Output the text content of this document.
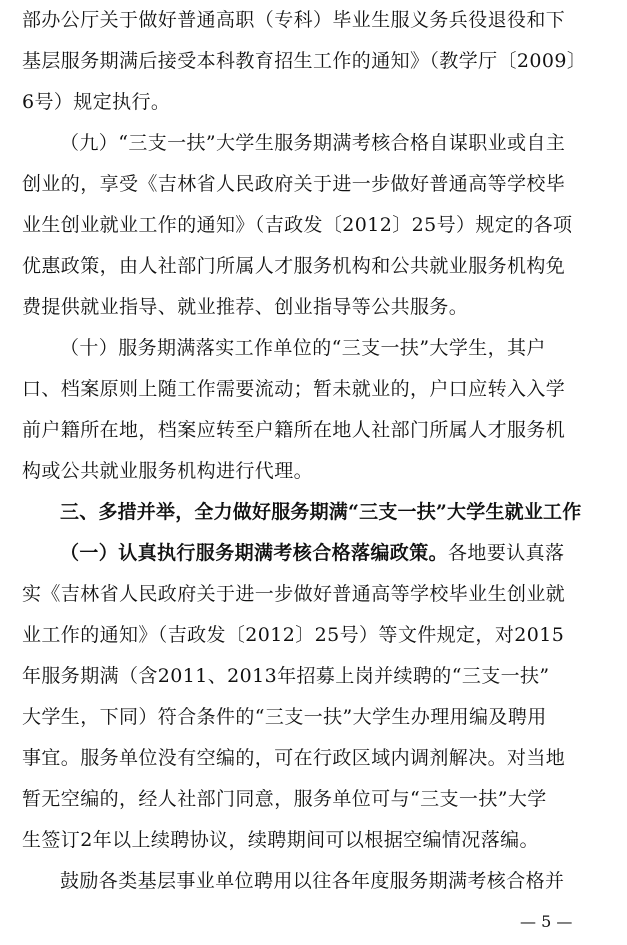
部办公厅关于做好普通高职（专科）毕业生服义务兵役退役和下
基层服务期满后接受本科教育招生工作的通知》（教学厅〔2009〕
6号）规定执行。
（九）“三支一扶”大学生服务期满考核合格自谋职业或自主
创业的，享受《吉林省人民政府关于进一步做好普通高等学校毕
业生创业就业工作的通知》（吉政发〔2012〕25号）规定的各项
优惠政策，由人社部门所属人才服务机构和公共就业服务机构免
费提供就业指导、就业推荐、创业指导等公共服务。
（十）服务期满落实工作单位的“三支一扶”大学生，其户
口、档案原则上随工作需要流动；暂未就业的，户口应转入入学
前户籍所在地，档案应转至户籍所在地人社部门所属人才服务机
构或公共就业服务机构进行代理。
三、多措并举，全力做好服务期满“三支一扶”大学生就业工作
（一）认真执行服务期满考核合格落编政策。各地要认真落
实《吉林省人民政府关于进一步做好普通高等学校毕业生创业就
业工作的通知》（吉政发〔2012〕25号）等文件规定，对2015
年服务期满（含2011、2013年招募上岗并续聘的“三支一扶”
大学生，下同）符合条件的“三支一扶”大学生办理用编及聘用
事宜。服务单位没有空编的，可在行政区域内调剂解决。对当地
暂无空编的，经人社部门同意，服务单位可与“三支一扶”大学
生签订2年以上续聘协议，续聘期间可以根据空编情况落编。
鼓励各类基层事业单位聘用以往各年度服务期满考核合格并
— 5 —
